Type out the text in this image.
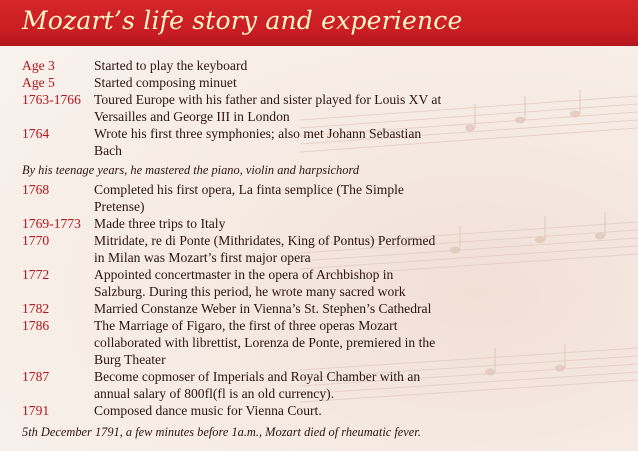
Mozart’s life story and experience
Age 3	Started to play the keyboard
Age 5	Started composing minuet
1763-1766 Toured Europe with his father and sister played for Louis XV at Versailles and George III in London
1764	Wrote his first three symphonies; also met Johann Sebastian Bach
By his teenage years, he mastered the piano, violin and harpsichord
1768	Completed his first opera, La finta semplice (The Simple Pretense)
1769-1773 Made three trips to Italy
1770	Mitridate, re di Ponte (Mithridates, King of Pontus) Performed in Milan was Mozart’s first major opera
1772	Appointed concertmaster in the opera of Archbishop in Salzburg. During this period, he wrote many sacred work
1782	Married Constanze Weber in Vienna’s St. Stephen’s Cathedral
1786	The Marriage of Figaro, the first of three operas Mozart collaborated with librettist, Lorenza de Ponte, premiered in the Burg Theater
1787	Become copmoser of Imperials and Royal Chamber with an annual salary of 800fl(fl is an old currency).
1791	Composed dance music for Vienna Court.
5th December 1791, a few minutes before 1a.m., Mozart died of rheumatic fever.
